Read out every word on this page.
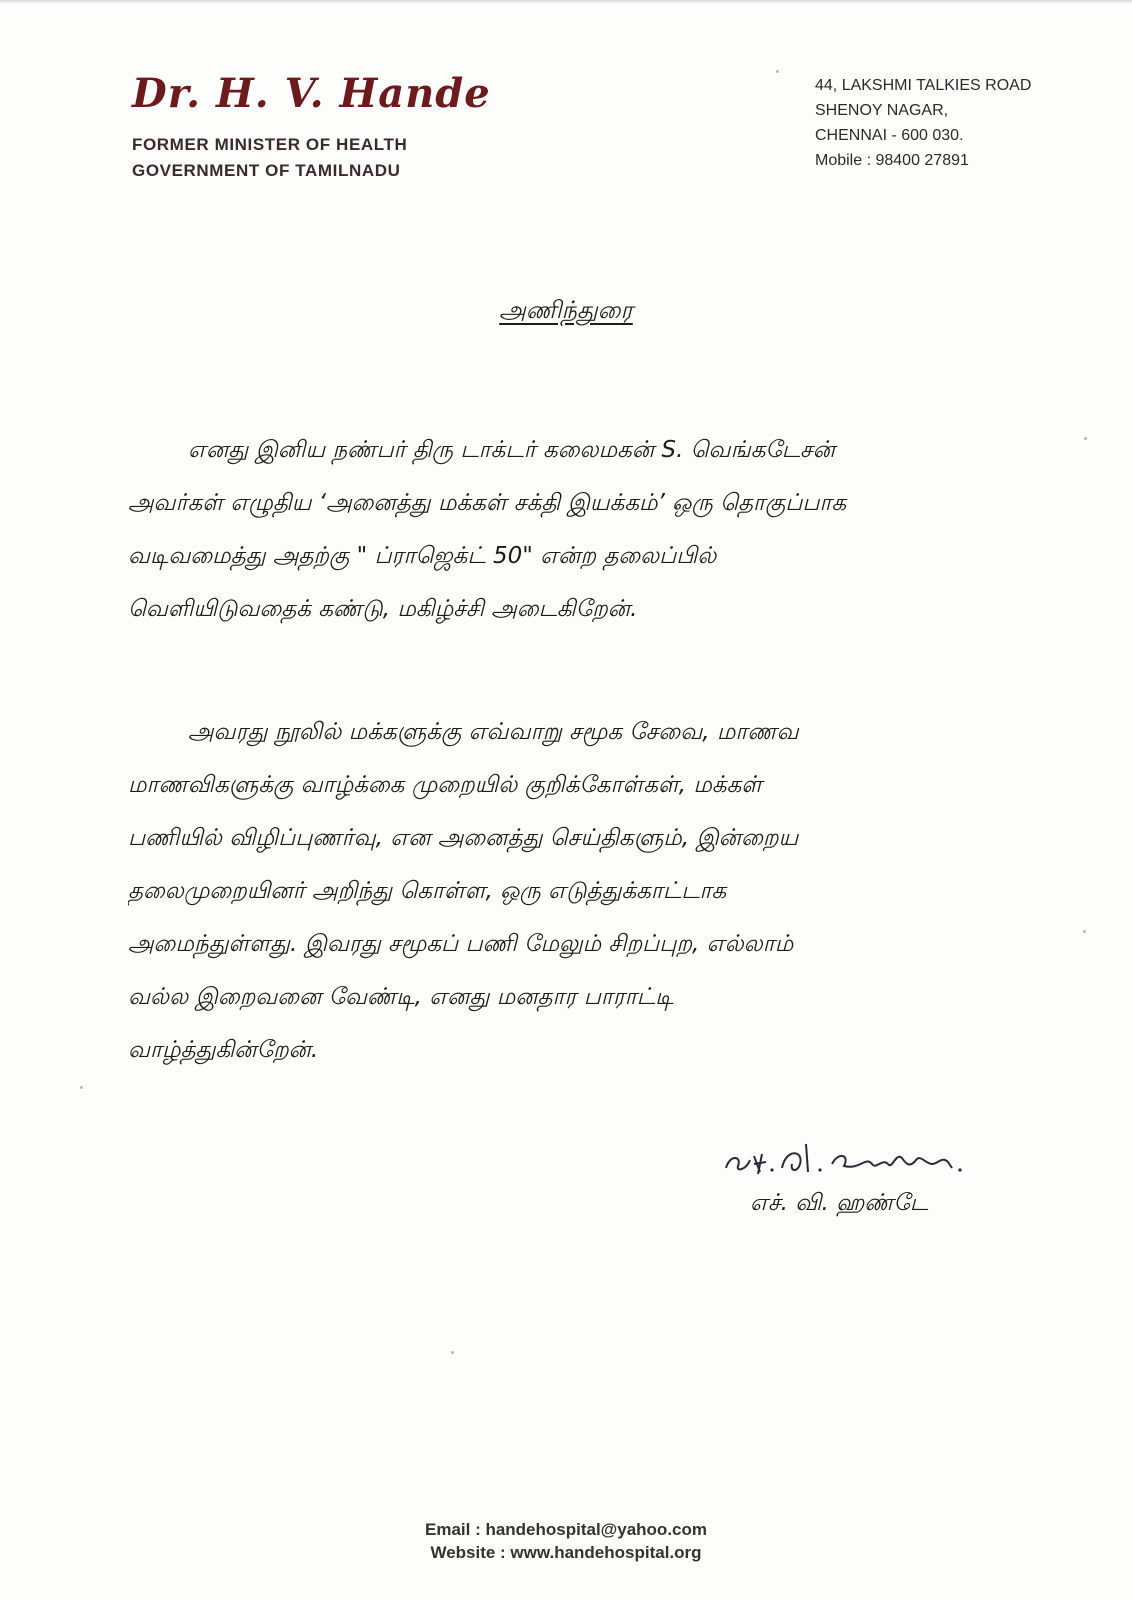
Dr. H. V. Hande
FORMER MINISTER OF HEALTH
GOVERNMENT OF TAMILNADU
44, LAKSHMI TALKIES ROAD
SHENOY NAGAR,
CHENNAI - 600 030.
Mobile : 98400 27891
அணிந்துரை
எனது இனிய நண்பர் திரு டாக்டர் கலைமகன் S. வெங்கடேசன்
அவர்கள் எழுதிய ‘அனைத்து மக்கள் சக்தி இயக்கம்’ ஒரு தொகுப்பாக
வடிவமைத்து அதற்கு " ப்ராஜெக்ட் 50" என்ற தலைப்பில்
வெளியிடுவதைக் கண்டு, மகிழ்ச்சி அடைகிறேன்.
அவரது நூலில் மக்களுக்கு எவ்வாறு சமூக சேவை, மாணவ
மாணவிகளுக்கு வாழ்க்கை முறையில் குறிக்கோள்கள், மக்கள்
பணியில் விழிப்புணர்வு, என அனைத்து செய்திகளும், இன்றைய
தலைமுறையினர் அறிந்து கொள்ள, ஒரு எடுத்துக்காட்டாக
அமைந்துள்ளது. இவரது சமூகப் பணி மேலும் சிறப்புற, எல்லாம்
வல்ல இறைவனை வேண்டி, எனது மனதார பாராட்டி
வாழ்த்துகின்றேன்.
எச். வி. ஹண்டே
Email : handehospital@yahoo.com
Website : www.handehospital.org
